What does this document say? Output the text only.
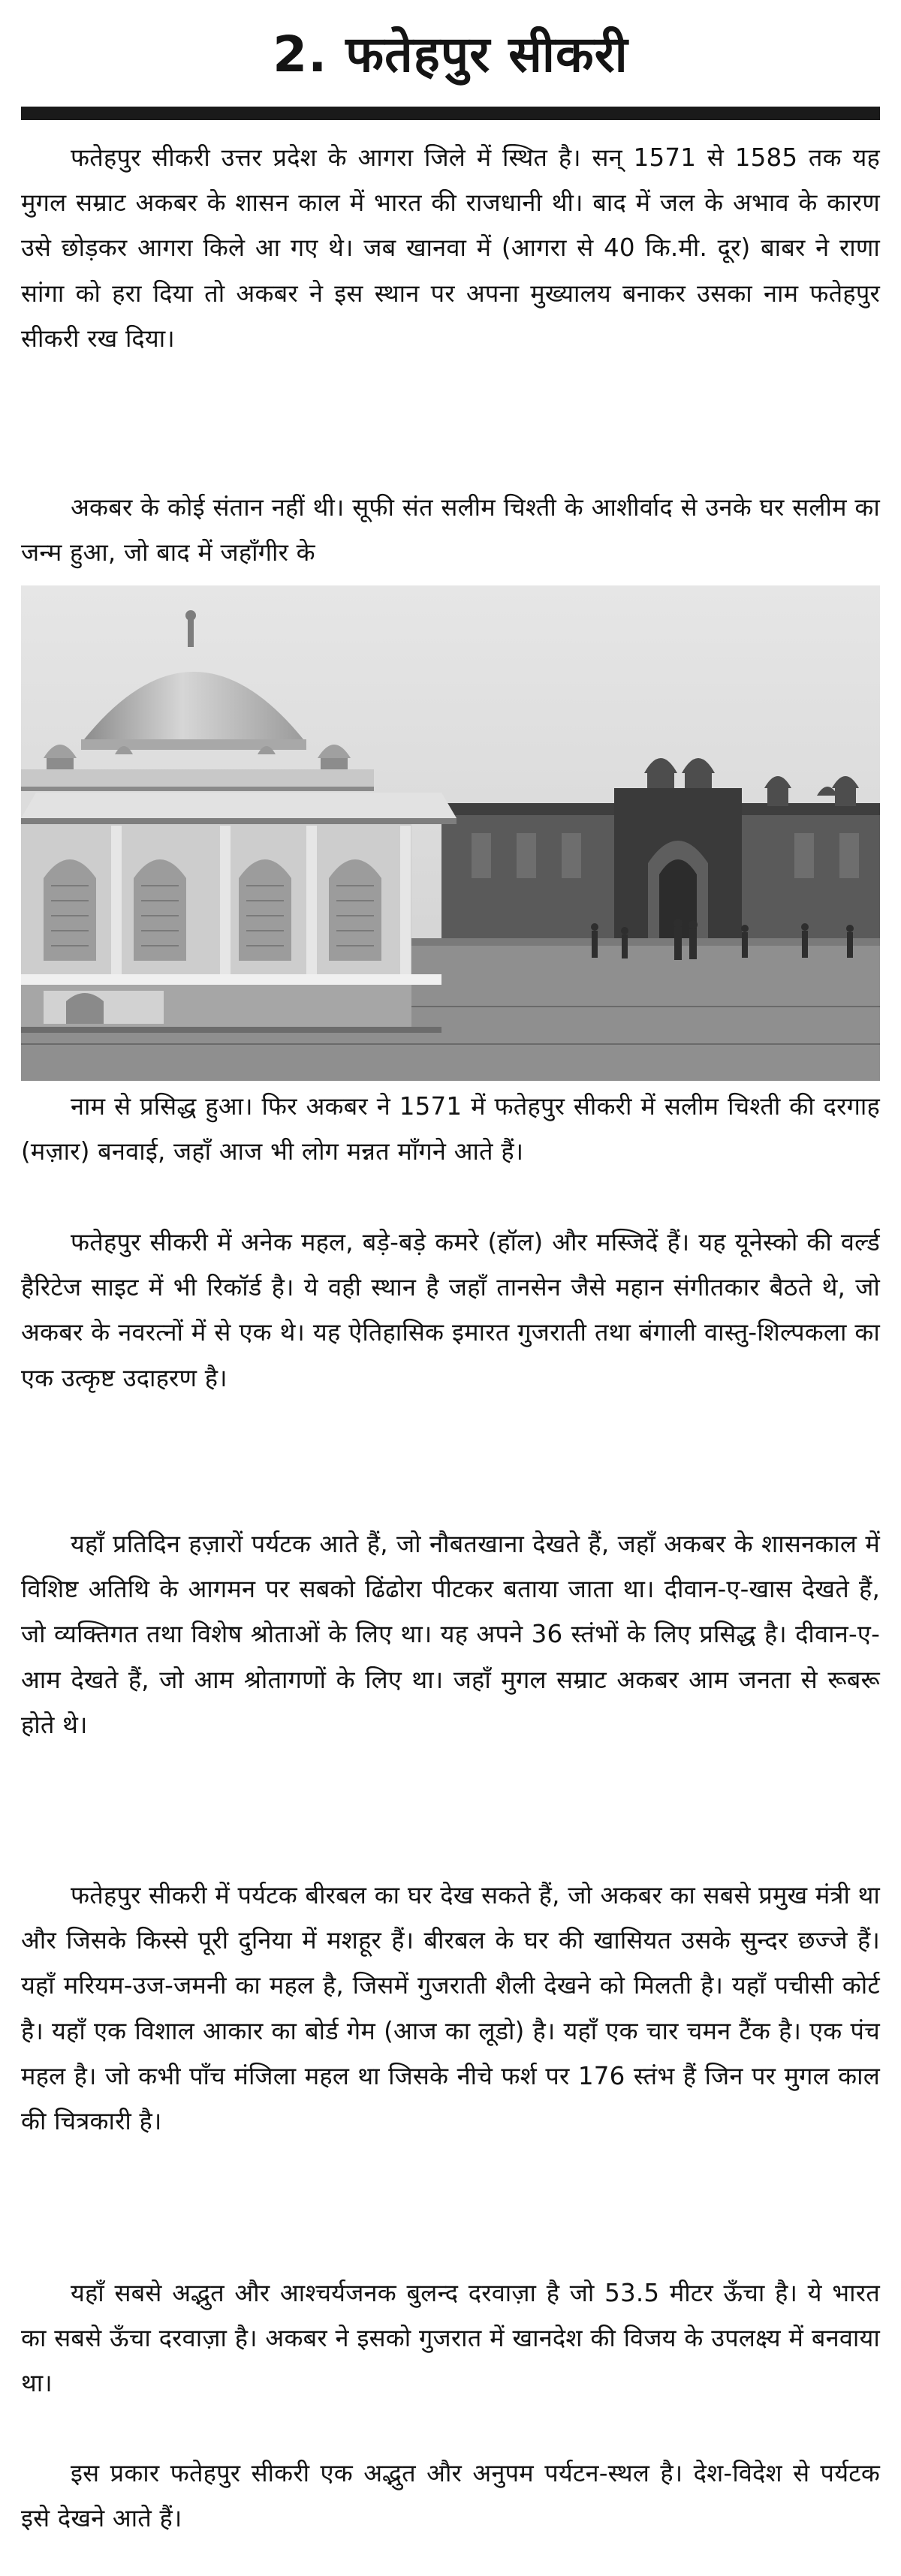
2. फतेहपुर सीकरी

फतेहपुर सीकरी उत्तर प्रदेश के आगरा जिले में स्थित है। सन् 1571 से 1585 तक यह मुगल सम्राट अकबर के शासन काल में भारत की राजधानी थी। बाद में जल के अभाव के कारण उसे छोड़कर आगरा किले आ गए थे। जब खानवा में (आगरा से 40 कि.मी. दूर) बाबर ने राणा सांगा को हरा दिया तो अकबर ने इस स्थान पर अपना मुख्यालय बनाकर उसका नाम फतेहपुर सीकरी रख दिया।

अकबर के कोई संतान नहीं थी। सूफी संत सलीम चिश्ती के आशीर्वाद से उनके घर सलीम का जन्म हुआ, जो बाद में जहाँगीर के

नाम से प्रसिद्ध हुआ। फिर अकबर ने 1571 में फतेहपुर सीकरी में सलीम चिश्ती की दरगाह (मज़ार) बनवाई, जहाँ आज भी लोग मन्नत माँगने आते हैं।

फतेहपुर सीकरी में अनेक महल, बड़े-बड़े कमरे (हॉल) और मस्जिदें हैं। यह यूनेस्को की वर्ल्ड हैरिटेज साइट में भी रिकॉर्ड है। ये वही स्थान है जहाँ तानसेन जैसे महान संगीतकार बैठते थे, जो अकबर के नवरत्नों में से एक थे। यह ऐतिहासिक इमारत गुजराती तथा बंगाली वास्तु-शिल्पकला का एक उत्कृष्ट उदाहरण है।

यहाँ प्रतिदिन हज़ारों पर्यटक आते हैं, जो नौबतखाना देखते हैं, जहाँ अकबर के शासनकाल में विशिष्ट अतिथि के आगमन पर सबको ढिंढोरा पीटकर बताया जाता था। दीवान-ए-खास देखते हैं, जो व्यक्तिगत तथा विशेष श्रोताओं के लिए था। यह अपने 36 स्तंभों के लिए प्रसिद्ध है। दीवान-ए-आम देखते हैं, जो आम श्रोतागणों के लिए था। जहाँ मुगल सम्राट अकबर आम जनता से रूबरू होते थे।

फतेहपुर सीकरी में पर्यटक बीरबल का घर देख सकते हैं, जो अकबर का सबसे प्रमुख मंत्री था और जिसके किस्से पूरी दुनिया में मशहूर हैं। बीरबल के घर की खासियत उसके सुन्दर छज्जे हैं। यहाँ मरियम-उज-जमनी का महल है, जिसमें गुजराती शैली देखने को मिलती है। यहाँ पचीसी कोर्ट है। यहाँ एक विशाल आकार का बोर्ड गेम (आज का लूडो) है। यहाँ एक चार चमन टैंक है। एक पंच महल है। जो कभी पाँच मंजिला महल था जिसके नीचे फर्श पर 176 स्तंभ हैं जिन पर मुगल काल की चित्रकारी है।

यहाँ सबसे अद्भुत और आश्चर्यजनक बुलन्द दरवाज़ा है जो 53.5 मीटर ऊँचा है। ये भारत का सबसे ऊँचा दरवाज़ा है। अकबर ने इसको गुजरात में खानदेश की विजय के उपलक्ष्य में बनवाया था।

इस प्रकार फतेहपुर सीकरी एक अद्भुत और अनुपम पर्यटन-स्थल है। देश-विदेश से पर्यटक इसे देखने आते हैं।
